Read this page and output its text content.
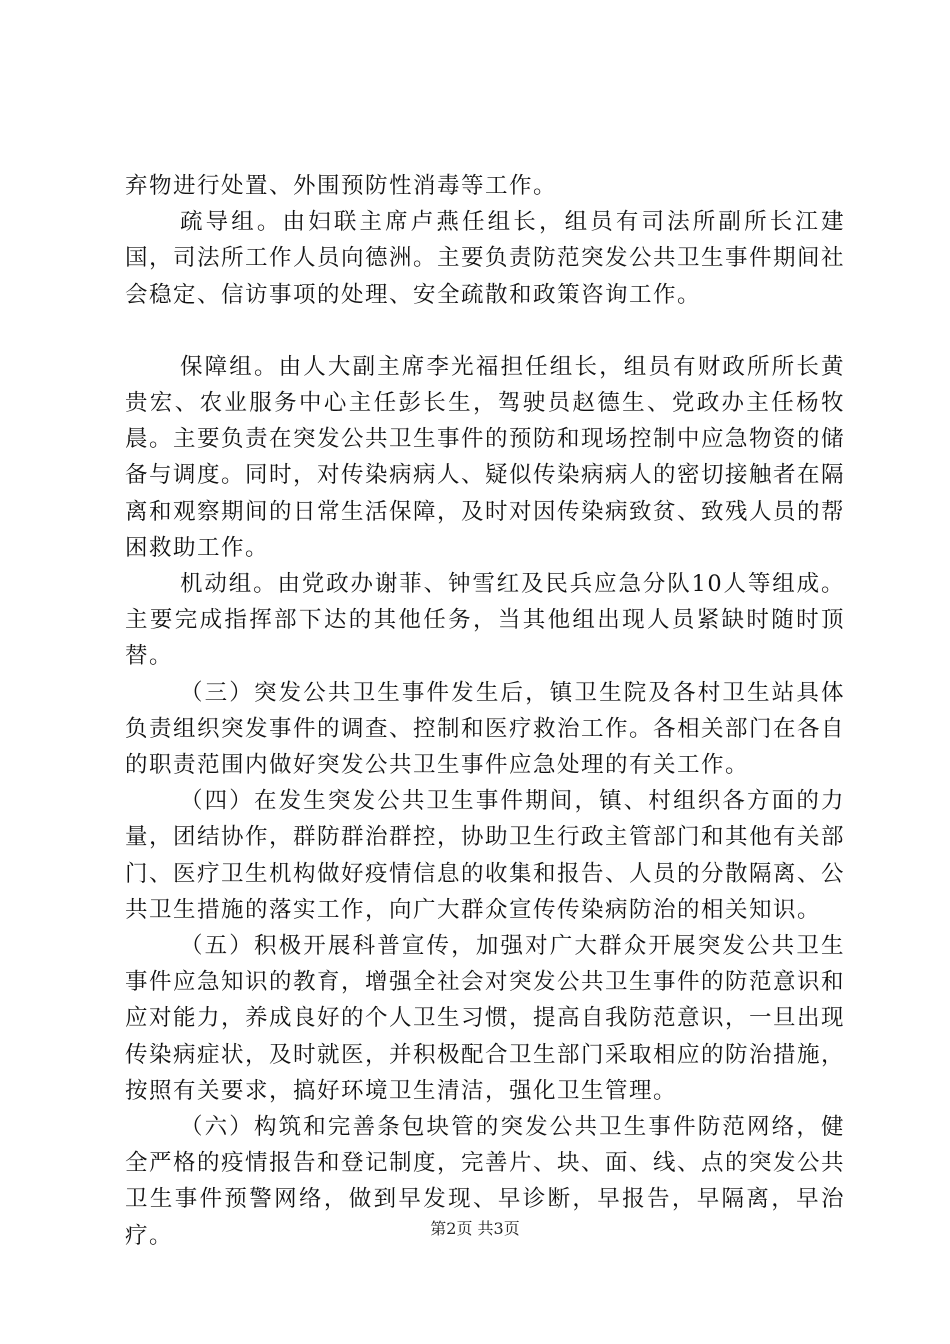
弃物进行处置、外围预防性消毒等工作。

疏导组。由妇联主席卢燕任组长，组员有司法所副所长江建国，司法所工作人员向德洲。主要负责防范突发公共卫生事件期间社会稳定、信访事项的处理、安全疏散和政策咨询工作。

保障组。由人大副主席李光福担任组长，组员有财政所所长黄贵宏、农业服务中心主任彭长生，驾驶员赵德生、党政办主任杨牧晨。主要负责在突发公共卫生事件的预防和现场控制中应急物资的储备与调度。同时，对传染病病人、疑似传染病病人的密切接触者在隔离和观察期间的日常生活保障，及时对因传染病致贫、致残人员的帮困救助工作。

机动组。由党政办谢菲、钟雪红及民兵应急分队10人等组成。主要完成指挥部下达的其他任务，当其他组出现人员紧缺时随时顶替。

（三）突发公共卫生事件发生后，镇卫生院及各村卫生站具体负责组织突发事件的调查、控制和医疗救治工作。各相关部门在各自的职责范围内做好突发公共卫生事件应急处理的有关工作。

（四）在发生突发公共卫生事件期间，镇、村组织各方面的力量，团结协作，群防群治群控，协助卫生行政主管部门和其他有关部门、医疗卫生机构做好疫情信息的收集和报告、人员的分散隔离、公共卫生措施的落实工作，向广大群众宣传传染病防治的相关知识。

（五）积极开展科普宣传，加强对广大群众开展突发公共卫生事件应急知识的教育，增强全社会对突发公共卫生事件的防范意识和应对能力，养成良好的个人卫生习惯，提高自我防范意识，一旦出现传染病症状，及时就医，并积极配合卫生部门采取相应的防治措施，按照有关要求，搞好环境卫生清洁，强化卫生管理。

（六）构筑和完善条包块管的突发公共卫生事件防范网络，健全严格的疫情报告和登记制度，完善片、块、面、线、点的突发公共卫生事件预警网络，做到早发现、早诊断，早报告，早隔离，早治疗。	第2页 共3页
